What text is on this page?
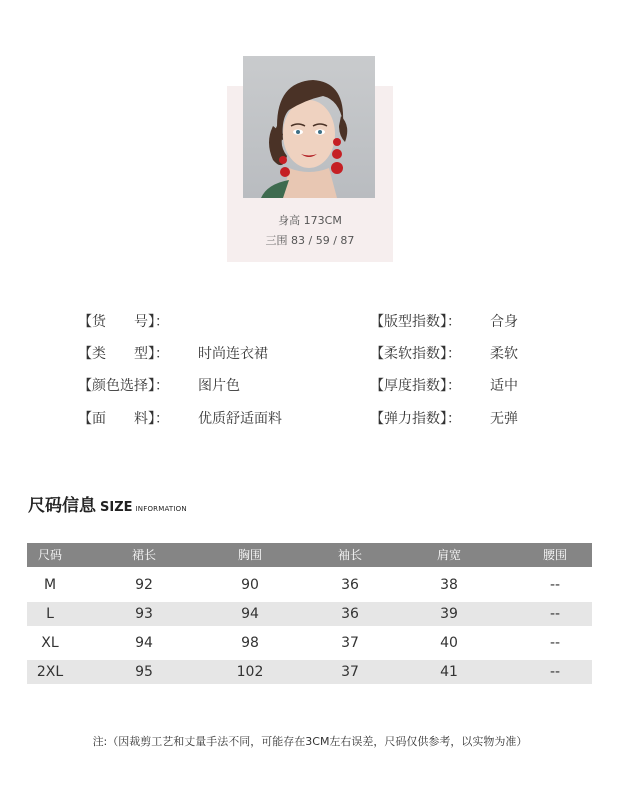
身高 173CM
三围 83 / 59 / 87
【货　　号】：
【类　　型】： 时尚连衣裙
【颜色选择】： 图片色
【面　　料】： 优质舒适面料
【版型指数】： 合身
【柔软指数】： 柔软
【厚度指数】： 适中
【弹力指数】： 无弹
尺码信息 SIZE INFORMATION
尺码	裙长	胸围	袖长	肩宽	腰围
M	92	90	36	38	--
L	93	94	36	39	--
XL	94	98	37	40	--
2XL	95	102	37	41	--
注:（因裁剪工艺和丈量手法不同，可能存在3CM左右误差，尺码仅供参考，以实物为准）
